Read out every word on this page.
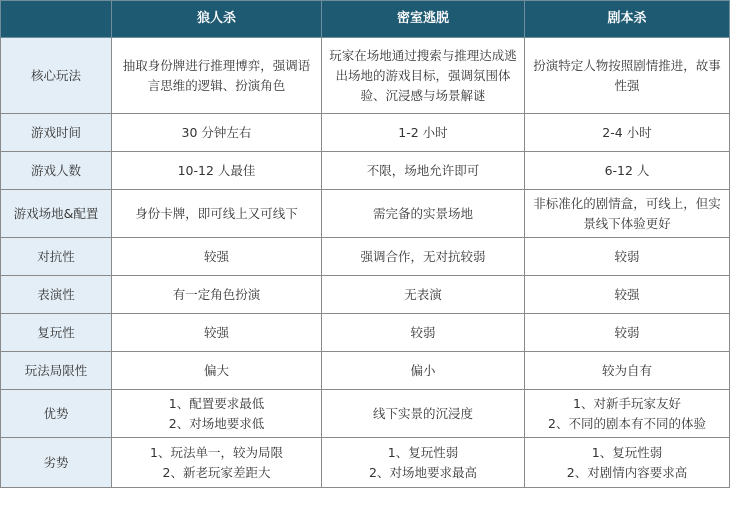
	狼人杀	密室逃脱	剧本杀
核心玩法	抽取身份牌进行推理博弈，强调语言思维的逻辑、扮演角色	玩家在场地通过搜索与推理达成逃出场地的游戏目标，强调氛围体验、沉浸感与场景解谜	扮演特定人物按照剧情推进，故事性强

游戏时间	30 分钟左右	1-2 小时	2-4 小时

游戏人数	10-12 人最佳	不限，场地允许即可	6-12 人

游戏场地&配置	身份卡牌，即可线上又可线下	需完备的实景场地	非标准化的剧情盒，可线上，但实景线下体验更好

对抗性	较强	强调合作，无对抗较弱	较弱

表演性	有一定角色扮演	无表演	较强

复玩性	较强	较弱	较弱

玩法局限性	偏大	偏小	较为自有

优势	1、配置要求最低
2、对场地要求低	线下实景的沉浸度	1、对新手玩家友好
2、不同的剧本有不同的体验

劣势	1、玩法单一，较为局限
2、新老玩家差距大	1、复玩性弱
2、对场地要求最高	1、复玩性弱
2、对剧情内容要求高
